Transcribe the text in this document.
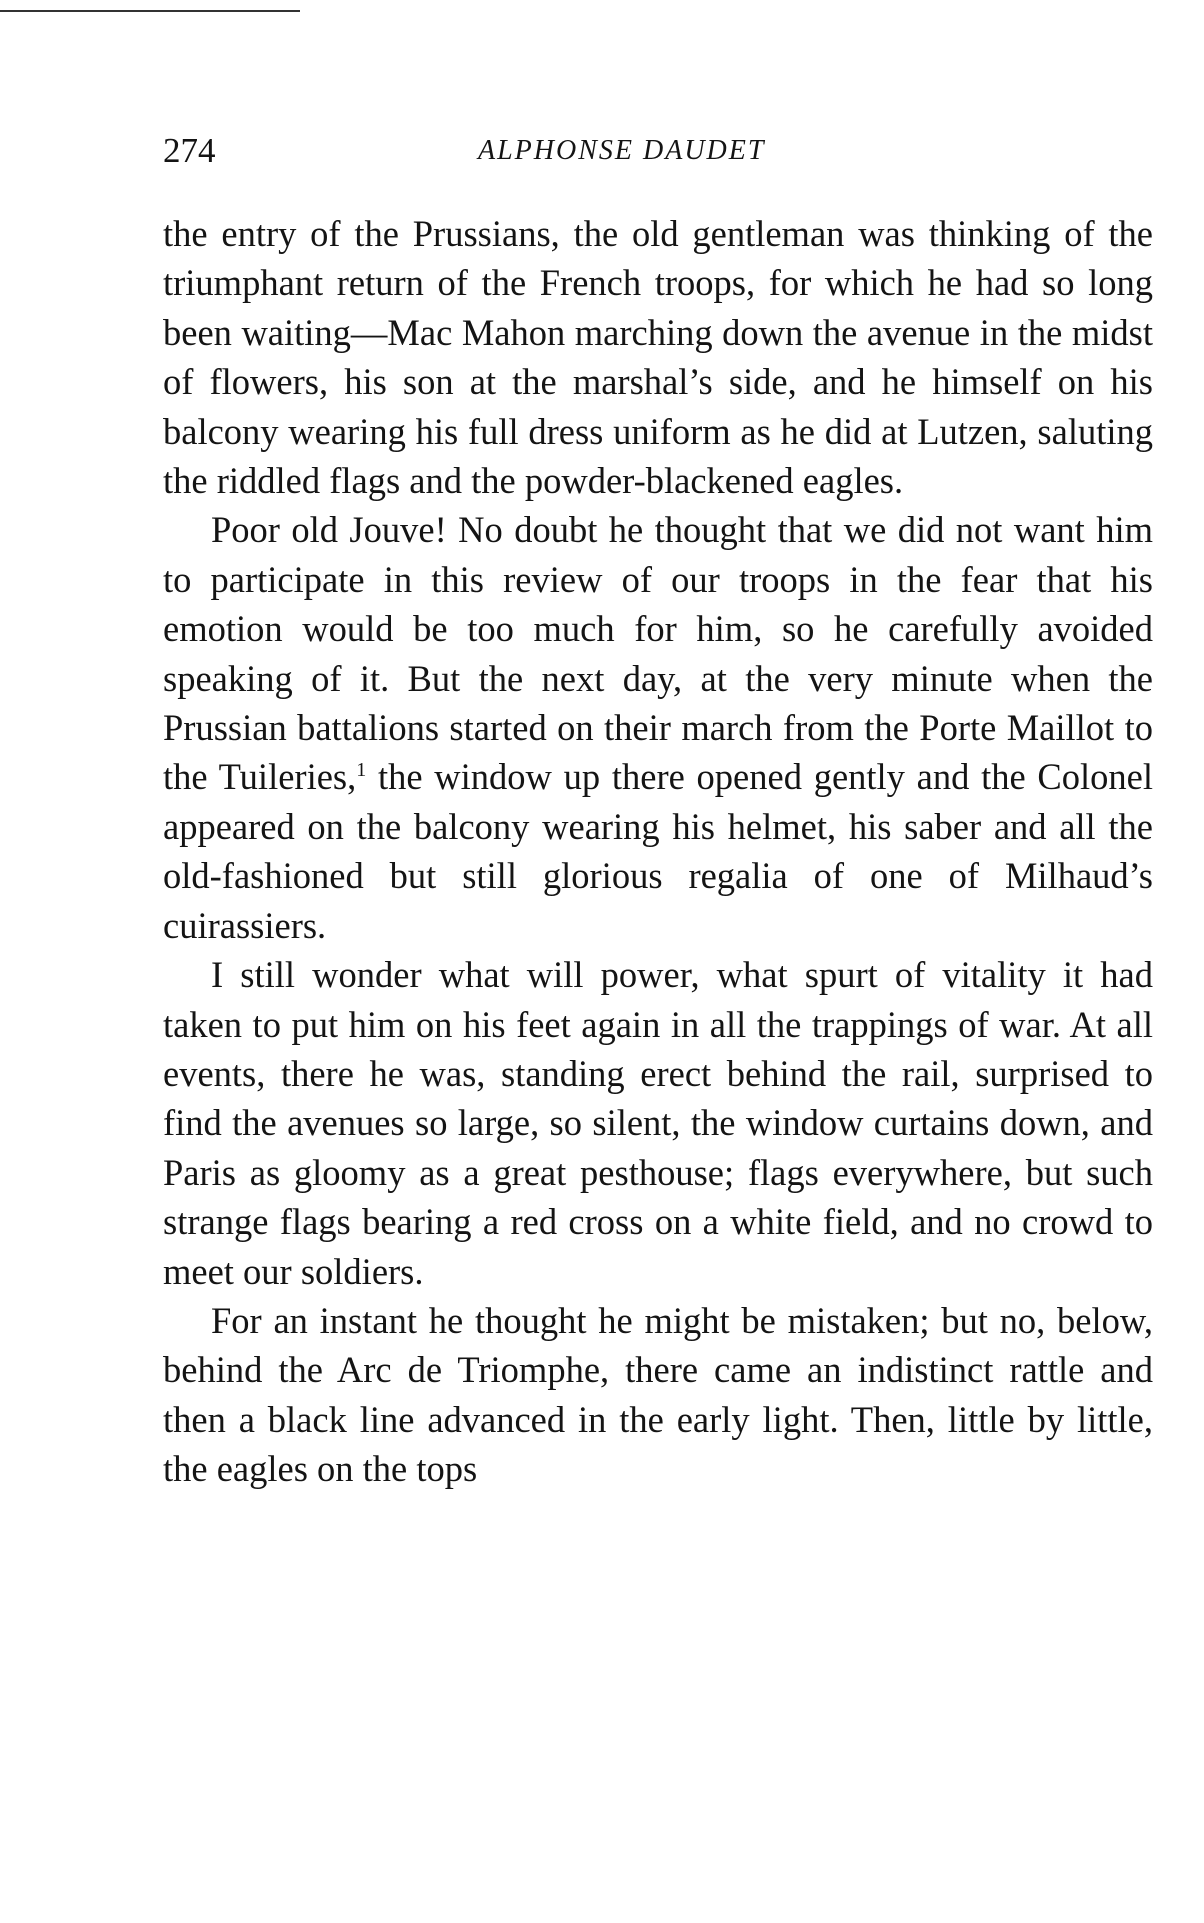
274	ALPHONSE DAUDET

the entry of the Prussians, the old gentleman was thinking of the triumphant return of the French troops, for which he had so long been waiting—Mac Mahon marching down the avenue in the midst of flowers, his son at the marshal’s side, and he himself on his balcony wearing his full dress uniform as he did at Lutzen, saluting the riddled flags and the powder-blackened eagles.

Poor old Jouve! No doubt he thought that we did not want him to participate in this review of our troops in the fear that his emotion would be too much for him, so he carefully avoided speaking of it. But the next day, at the very minute when the Prussian battalions started on their march from the Porte Maillot to the Tuileries,$^1$ the window up there opened gently and the Colonel appeared on the balcony wearing his helmet, his saber and all the old-fashioned but still glorious regalia of one of Milhaud’s cuirassiers.

I still wonder what will power, what spurt of vitality it had taken to put him on his feet again in all the trappings of war. At all events, there he was, standing erect behind the rail, surprised to find the avenues so large, so silent, the window curtains down, and Paris as gloomy as a great pesthouse; flags everywhere, but such strange flags bearing a red cross on a white field, and no crowd to meet our soldiers.

For an instant he thought he might be mistaken; but no, below, behind the Arc de Triomphe, there came an indistinct rattle and then a black line advanced in the early light. Then, little by little, the eagles on the tops
